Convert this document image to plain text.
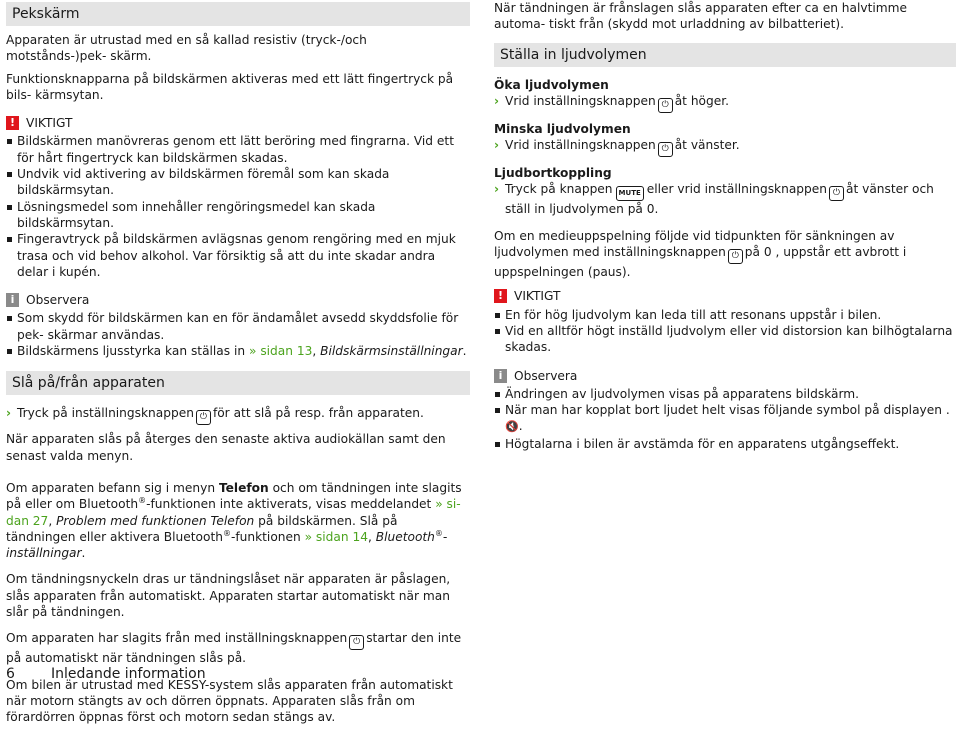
Pekskärm

Apparaten är utrustad med en så kallad resistiv (tryck-/och motstånds-)pek- skärm.

Funktionsknapparna på bildskärmen aktiveras med ett lätt fingertryck på bils- kärmsytan.

! VIKTIGT
Bildskärmen manövreras genom ett lätt beröring med fingrarna. Vid ett för hårt fingertryck kan bildskärmen skadas.
Undvik vid aktivering av bildskärmen föremål som kan skada bildskärmsytan.
Lösningsmedel som innehåller rengöringsmedel kan skada bildskärmsytan.
Fingeravtryck på bildskärmen avlägsnas genom rengöring med en mjuk trasa och vid behov alkohol. Var försiktig så att du inte skadar andra delar i kupén.
i Observera
Som skydd för bildskärmen kan en för ändamålet avsedd skyddsfolie för pek- skärmar användas.
Bildskärmens ljusstyrka kan ställas in » sidan 13, Bildskärmsinställningar.
Slå på/från apparaten
› Tryck på inställningsknappen ⏻ för att slå på resp. från apparaten.

När apparaten slås på återges den senaste aktiva audiokällan samt den senast valda menyn.

Om apparaten befann sig i menyn Telefon och om tändningen inte slagits på eller om Bluetooth®-funktionen inte aktiverats, visas meddelandet » si- dan 27, Problem med funktionen Telefon på bildskärmen. Slå på tändningen eller aktivera Bluetooth®-funktionen » sidan 14, Bluetooth®-inställningar.

Om tändningsnyckeln dras ur tändningslåset när apparaten är påslagen, slås apparaten från automatiskt. Apparaten startar automatiskt när man slår på tändningen.

Om apparaten har slagits från med inställningsknappen ⏻ startar den inte på automatiskt när tändningen slås på.

Om bilen är utrustad med KESSY-system slås apparaten från automatiskt när motorn stängts av och dörren öppnats. Apparaten slås från om förardörren öppnas först och motorn sedan stängs av.

När tändningen är frånslagen slås apparaten efter ca en halvtimme automa- tiskt från (skydd mot urladdning av bilbatteriet).

Ställa in ljudvolymen
Öka ljudvolymen
› Vrid inställningsknappen ⏻ åt höger.
Minska ljudvolymen
› Vrid inställningsknappen ⏻ åt vänster.
Ljudbortkoppling
› Tryck på knappen MUTE eller vrid inställningsknappen ⏻ åt vänster och ställ in ljudvolymen på 0.

Om en medieuppspelning följde vid tidpunkten för sänkningen av ljudvolymen med inställningsknappen ⏻ på 0 , uppstår ett avbrott i uppspelningen (paus).

! VIKTIGT
En för hög ljudvolym kan leda till att resonans uppstår i bilen.
Vid en alltför högt inställd ljudvolym eller vid distorsion kan bilhögtalarna skadas.
i Observera
Ändringen av ljudvolymen visas på apparatens bildskärm.
När man har kopplat bort ljudet helt visas följande symbol på displayen .🔇.
Högtalarna i bilen är avstämda för en apparatens utgångseffekt.
6	Inledande information
